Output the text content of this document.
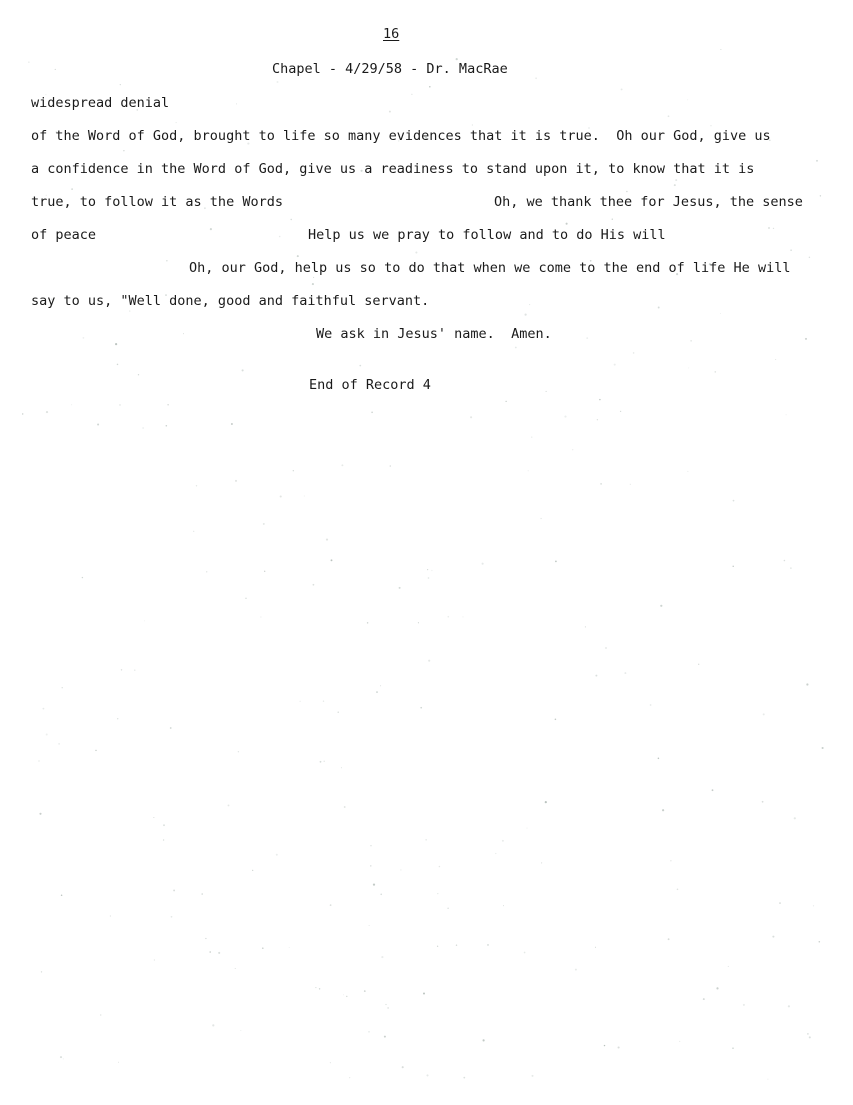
16
Chapel - 4/29/58 - Dr. MacRae
widespread denial
of the Word of God, brought to life so many evidences that it is true.  Oh our God, give us
a confidence in the Word of God, give us a readiness to stand upon it, to know that it is
true, to follow it as the Words	Oh, we thank thee for Jesus, the sense
of peace	Help us we pray to follow and to do His will
Oh, our God, help us so to do that when we come to the end of life He will
say to us, "Well done, good and faithful servant.
We ask in Jesus' name.  Amen.
End of Record 4
